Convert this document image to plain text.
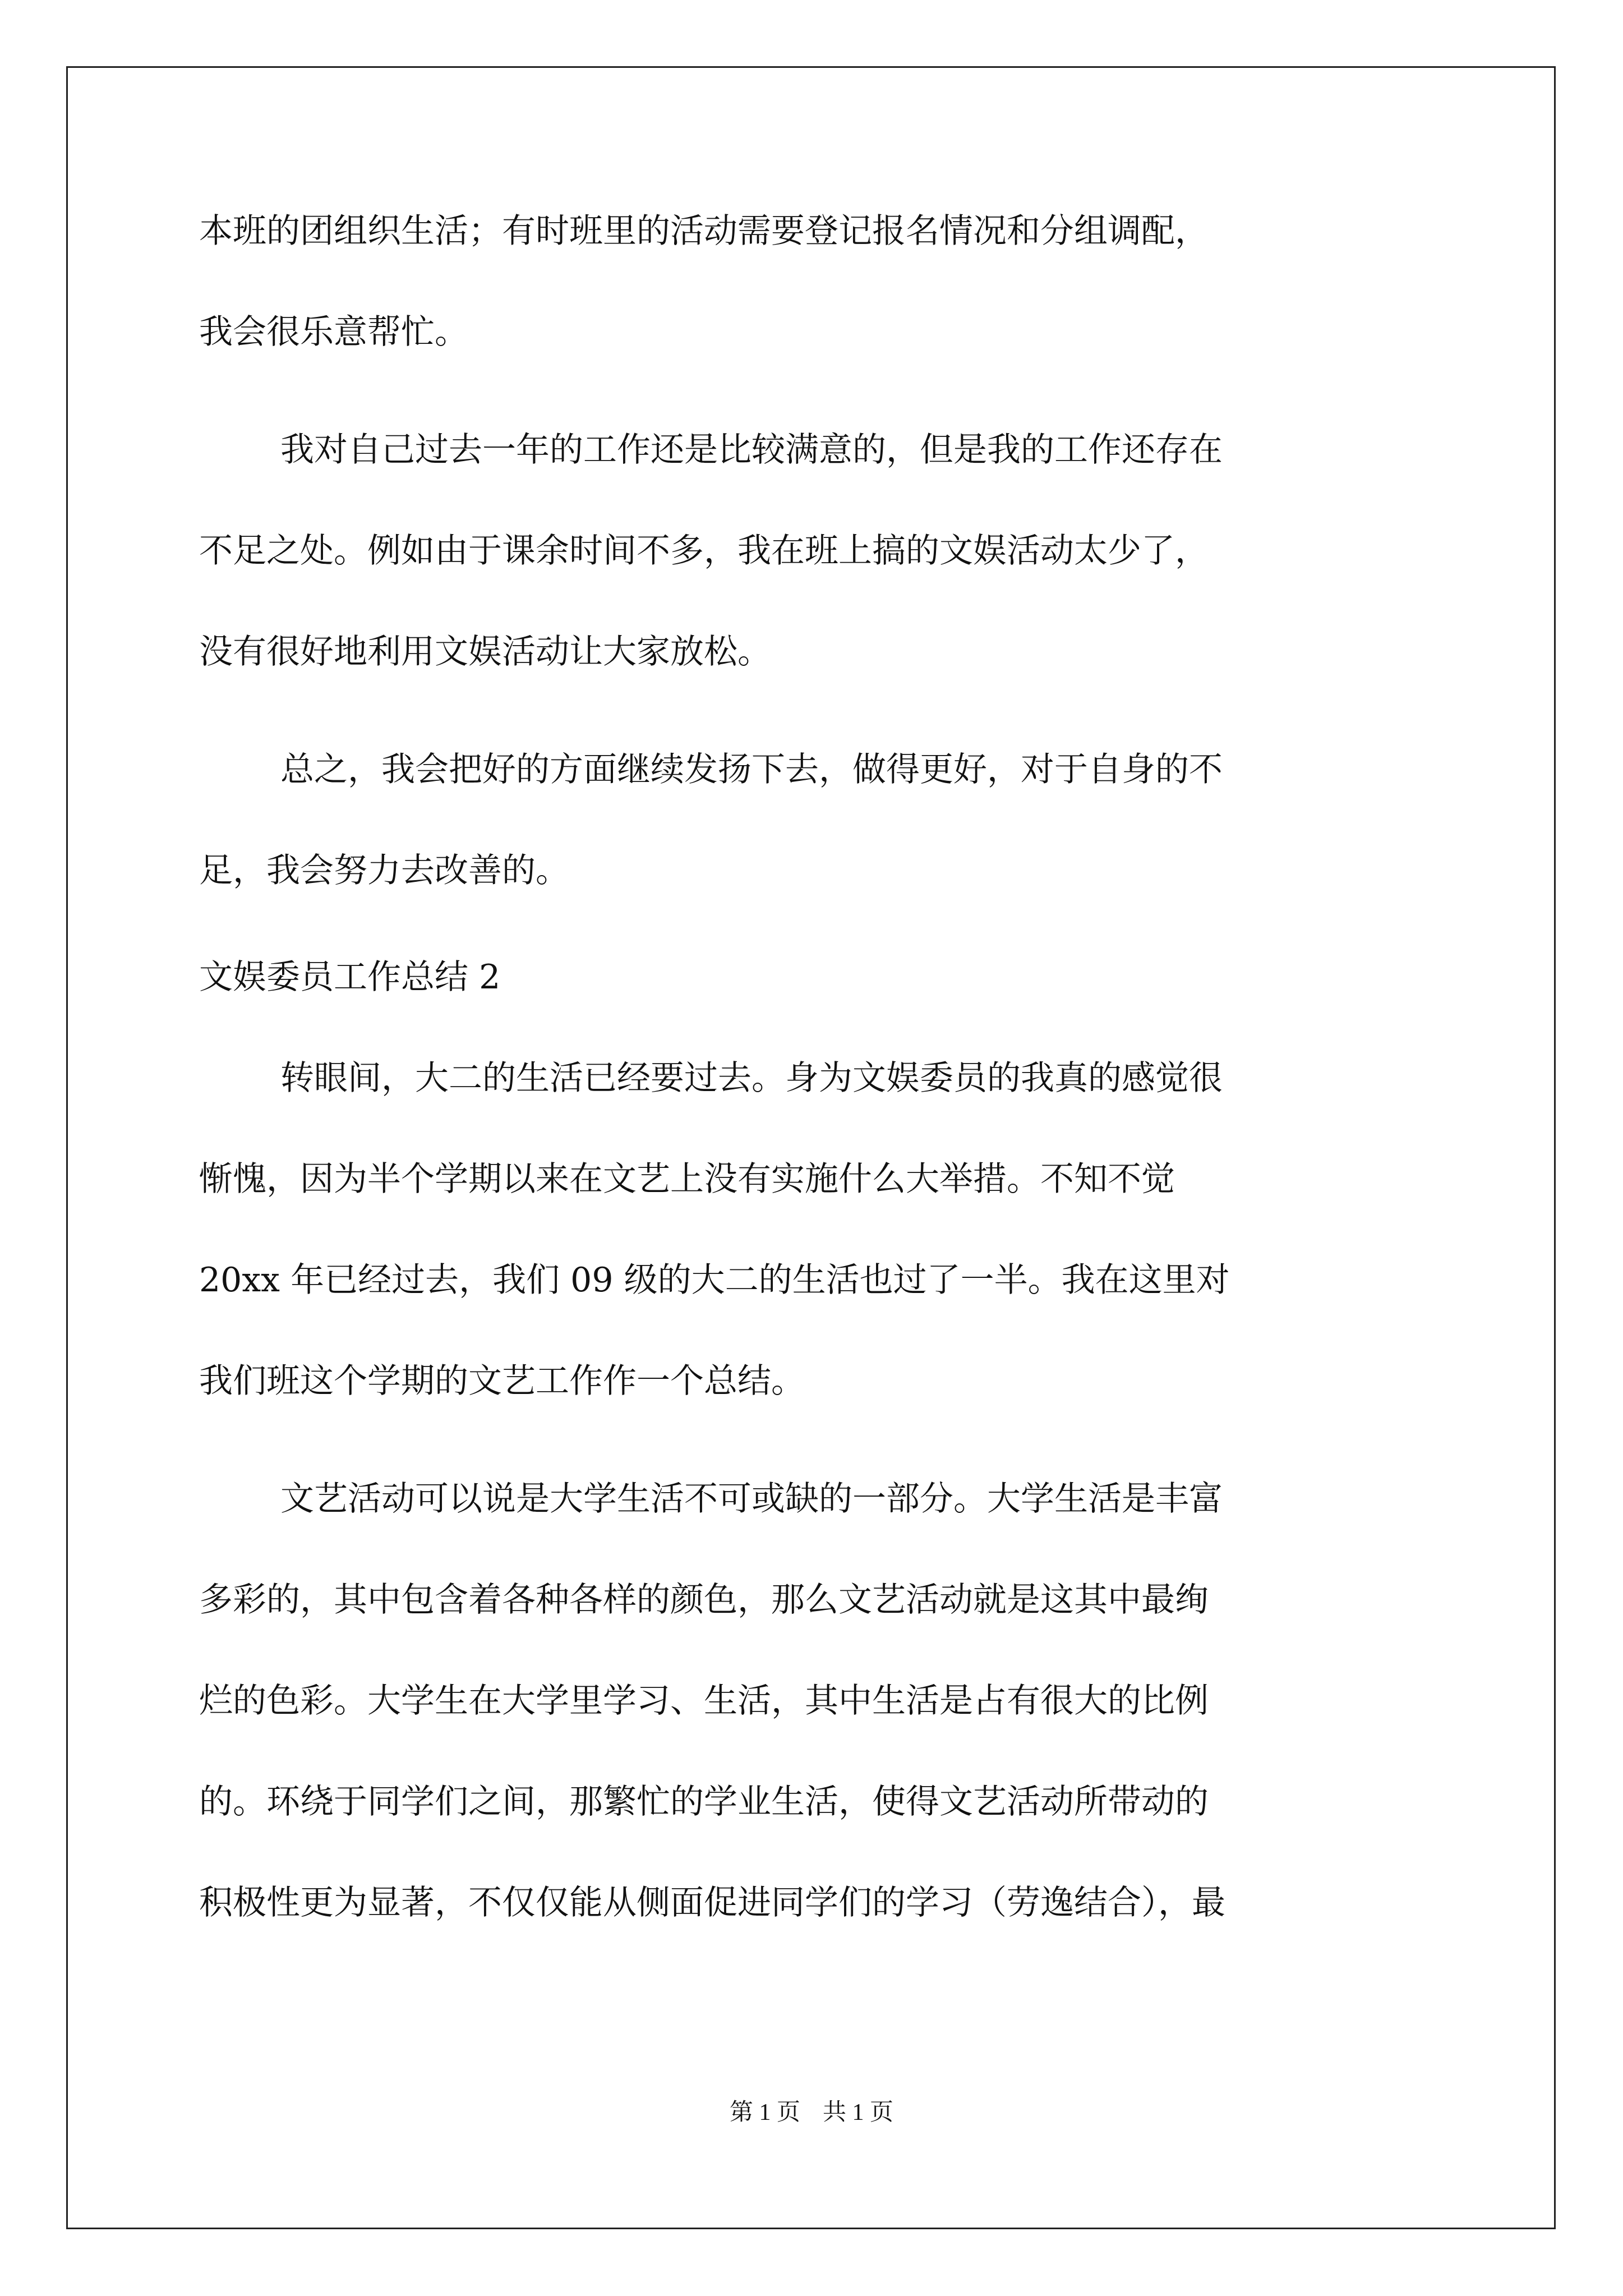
本班的团组织生活；有时班里的活动需要登记报名情况和分组调配，
我会很乐意帮忙。
我对自己过去一年的工作还是比较满意的，但是我的工作还存在
不足之处。例如由于课余时间不多，我在班上搞的文娱活动太少了，
没有很好地利用文娱活动让大家放松。
总之，我会把好的方面继续发扬下去，做得更好，对于自身的不
足，我会努力去改善的。
文娱委员工作总结 2
转眼间，大二的生活已经要过去。身为文娱委员的我真的感觉很
惭愧，因为半个学期以来在文艺上没有实施什么大举措。不知不觉
20xx 年已经过去，我们 09 级的大二的生活也过了一半。我在这里对
我们班这个学期的文艺工作作一个总结。
文艺活动可以说是大学生活不可或缺的一部分。大学生活是丰富
多彩的，其中包含着各种各样的颜色，那么文艺活动就是这其中最绚
烂的色彩。大学生在大学里学习、生活，其中生活是占有很大的比例
的。环绕于同学们之间，那繁忙的学业生活，使得文艺活动所带动的
积极性更为显著，不仅仅能从侧面促进同学们的学习（劳逸结合），最
第 1 页 共 1 页
